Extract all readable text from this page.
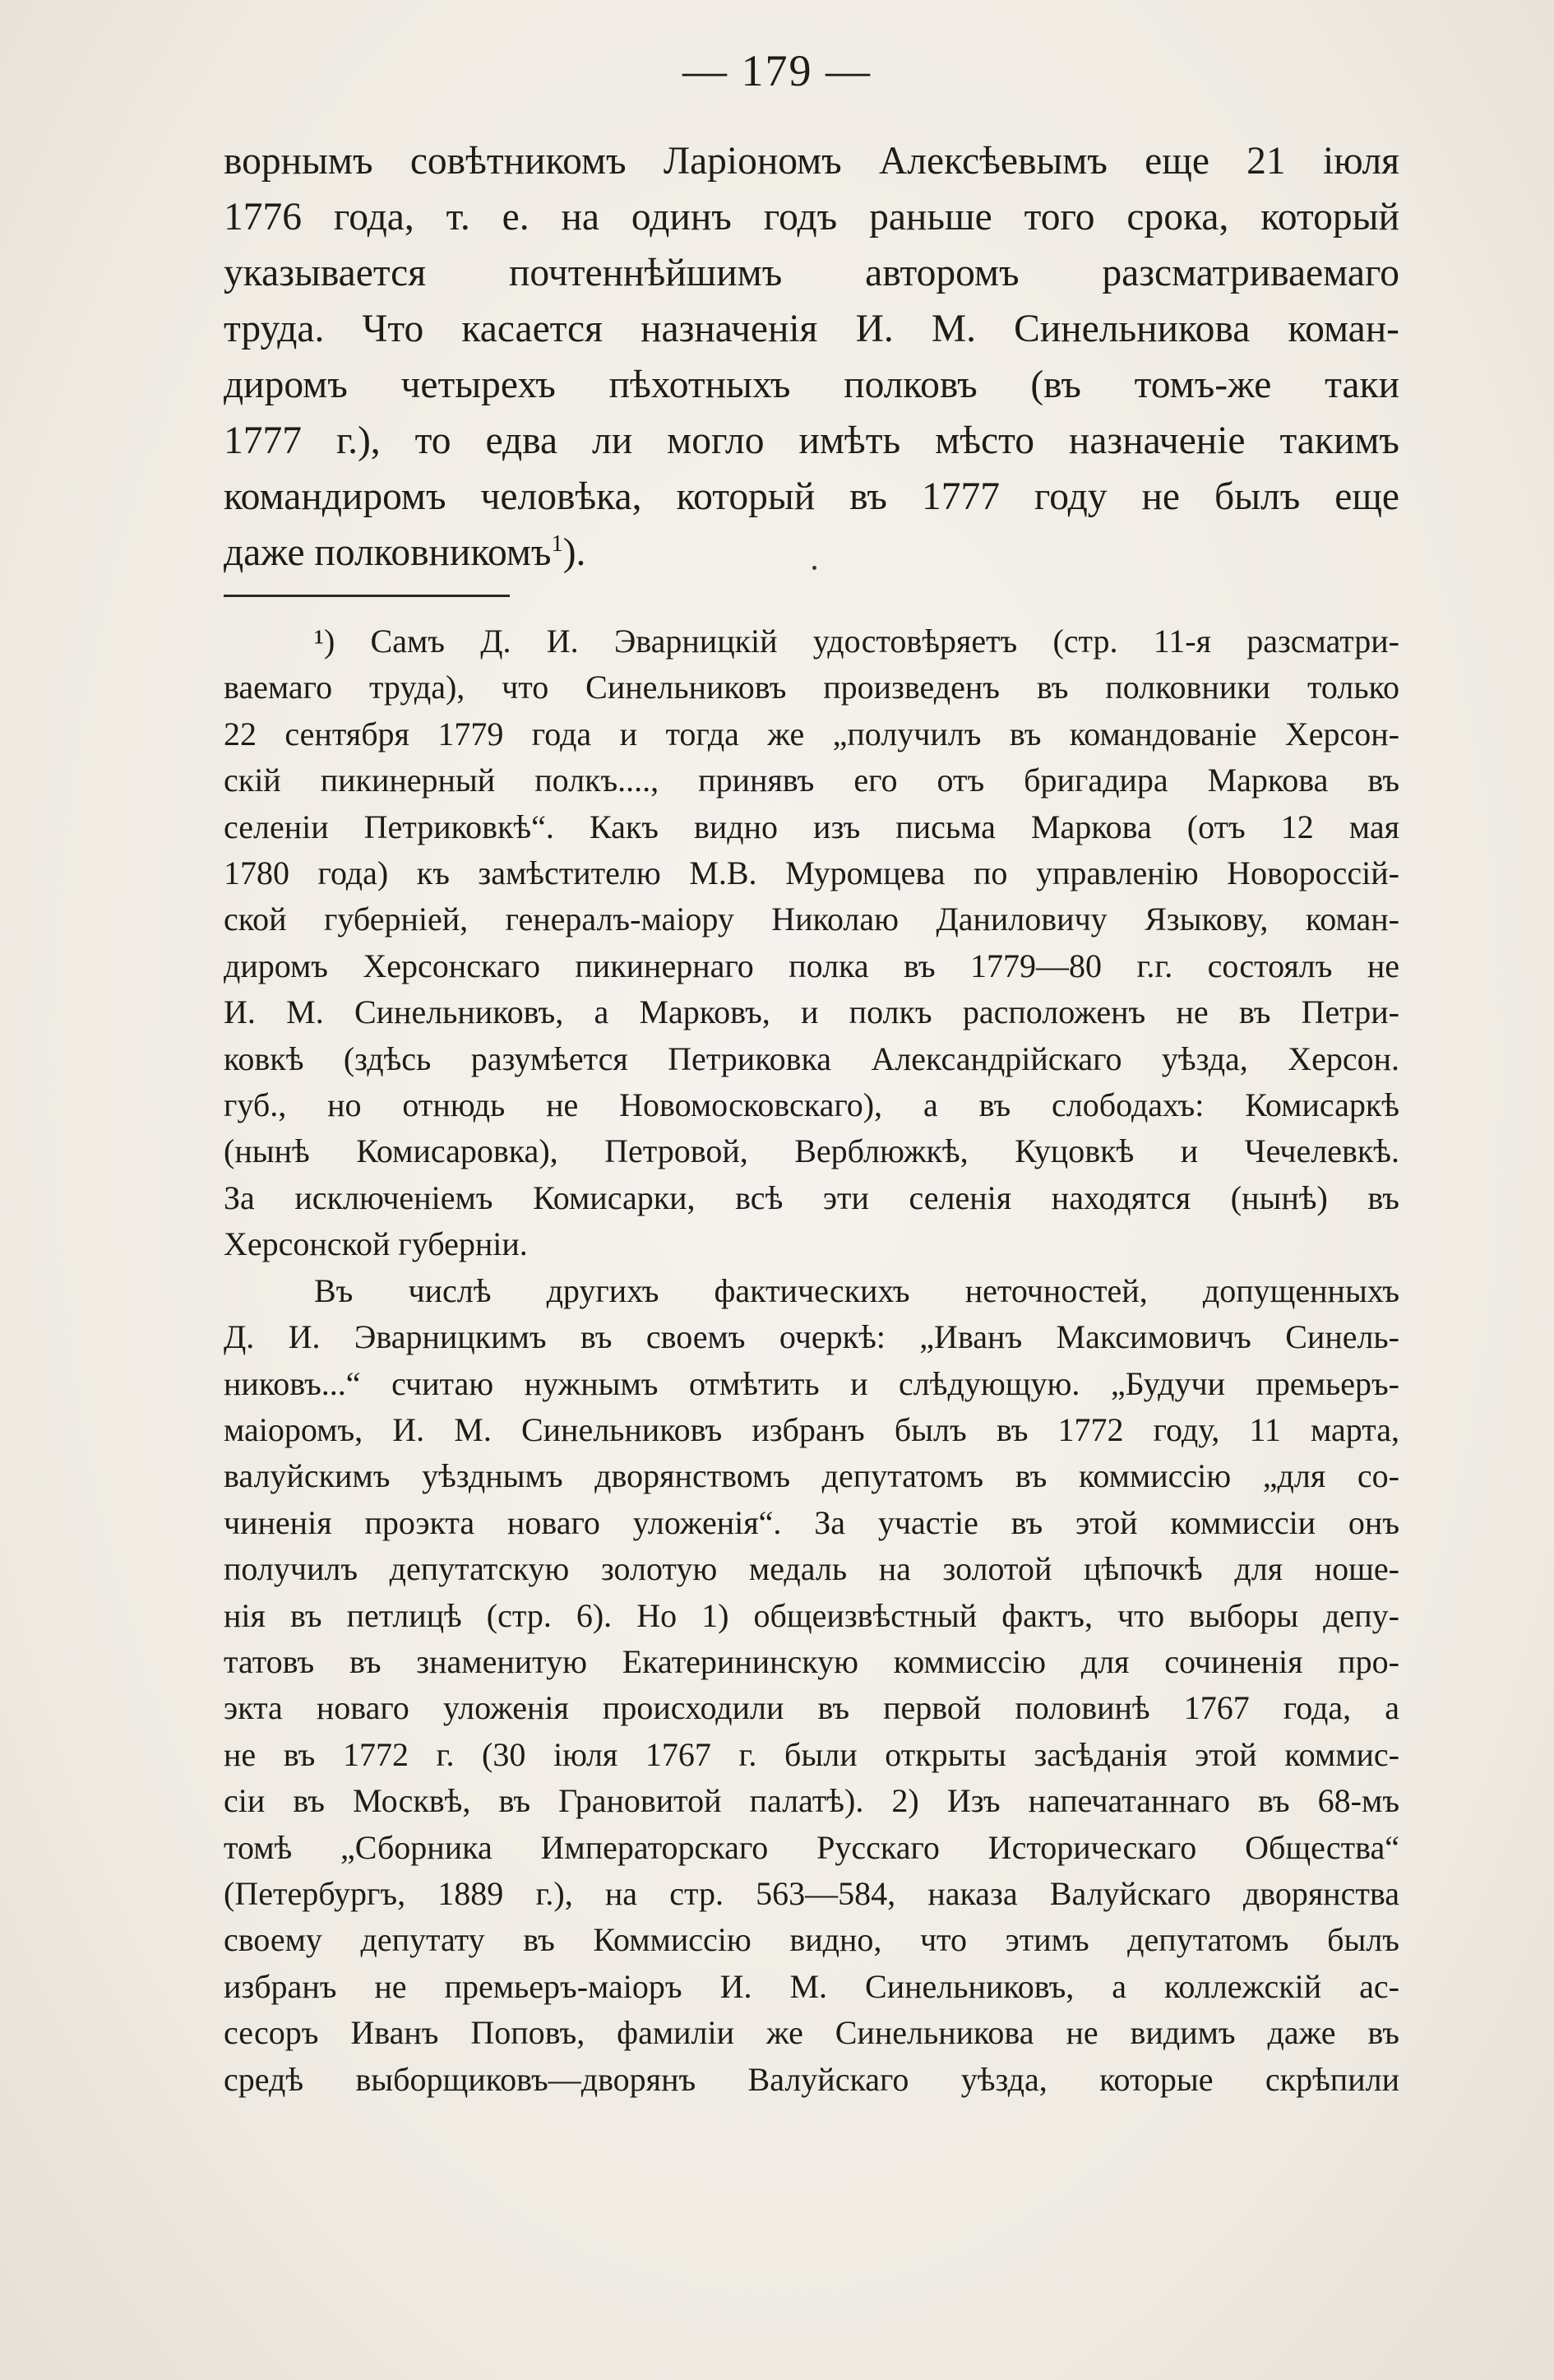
— 179 —
ворнымъ совѣтникомъ Ларіономъ Алексѣевымъ еще 21 іюля
1776 года, т. е. на одинъ годъ раньше того срока, который
указывается почтеннѣйшимъ авторомъ разсматриваемаго
труда. Что касается назначенія И. М. Синельникова коман-
диромъ четырехъ пѣхотныхъ полковъ (въ томъ-же таки
1777 г.), то едва ли могло имѣть мѣсто назначеніе такимъ
командиромъ человѣка, который въ 1777 году не былъ еще
даже полковникомъ$^1$).
¹) Самъ Д. И. Эварницкій удостовѣряетъ (стр. 11-я разсматри-
ваемаго труда), что Синельниковъ произведенъ въ полковники только
22 сентября 1779 года и тогда же „получилъ въ командованіе Херсон-
скій пикинерный полкъ...., принявъ его отъ бригадира Маркова въ
селеніи Петриковкѣ“. Какъ видно изъ письма Маркова (отъ 12 мая
1780 года) къ замѣстителю М.В. Муромцева по управленію Новороссій-
ской губерніей, генералъ-маіору Николаю Даниловичу Языкову, коман-
диромъ Херсонскаго пикинернаго полка въ 1779—80 г.г. состоялъ не
И. М. Синельниковъ, а Марковъ, и полкъ расположенъ не въ Петри-
ковкѣ (здѣсь разумѣется Петриковка Александрійскаго уѣзда, Херсон.
губ., но отнюдь не Новомосковскаго), а въ слободахъ: Комисаркѣ
(нынѣ Комисаровка), Петровой, Верблюжкѣ, Куцовкѣ и Чечелевкѣ.
За исключеніемъ Комисарки, всѣ эти селенія находятся (нынѣ) въ
Херсонской губерніи.
Въ числѣ другихъ фактическихъ неточностей, допущенныхъ
Д. И. Эварницкимъ въ своемъ очеркѣ: „Иванъ Максимовичъ Синель-
никовъ...“ считаю нужнымъ отмѣтить и слѣдующую. „Будучи премьеръ-
маіоромъ, И. М. Синельниковъ избранъ былъ въ 1772 году, 11 марта,
валуйскимъ уѣзднымъ дворянствомъ депутатомъ въ коммиссію „для со-
чиненія проэкта новаго уложенія“. За участіе въ этой коммиссіи онъ
получилъ депутатскую золотую медаль на золотой цѣпочкѣ для ноше-
нія въ петлицѣ (стр. 6). Но 1) общеизвѣстный фактъ, что выборы депу-
татовъ въ знаменитую Екатерининскую коммиссію для сочиненія про-
экта новаго уложенія происходили въ первой половинѣ 1767 года, а
не въ 1772 г. (30 іюля 1767 г. были открыты засѣданія этой коммис-
сіи въ Москвѣ, въ Грановитой палатѣ). 2) Изъ напечатаннаго въ 68-мъ
томѣ „Сборника Императорскаго Русскаго Историческаго Общества“
(Петербургъ, 1889 г.), на стр. 563—584, наказа Валуйскаго дворянства
своему депутату въ Коммиссію видно, что этимъ депутатомъ былъ
избранъ не премьеръ-маіоръ И. М. Синельниковъ, а коллежскій ас-
сесоръ Иванъ Поповъ, фамиліи же Синельникова не видимъ даже въ
средѣ выборщиковъ—дворянъ Валуйскаго уѣзда, которые скрѣпили
